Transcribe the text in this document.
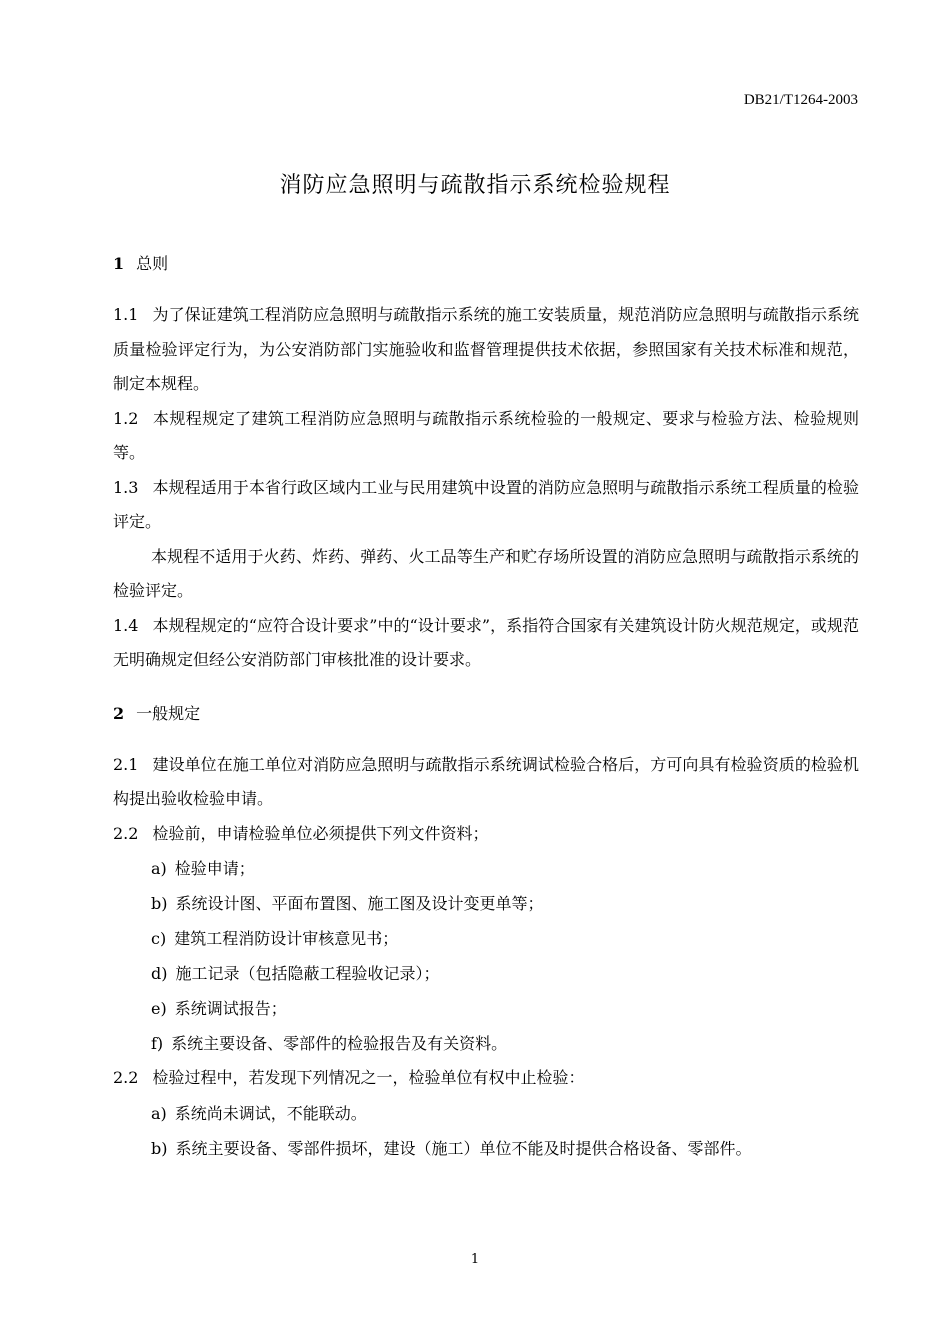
DB21/T1264-2003
消防应急照明与疏散指示系统检验规程
1 总则

1.1 为了保证建筑工程消防应急照明与疏散指示系统的施工安装质量，规范消防应急照明与疏散指示系统质量检验评定行为，为公安消防部门实施验收和监督管理提供技术依据，参照国家有关技术标准和规范，制定本规程。

1.2 本规程规定了建筑工程消防应急照明与疏散指示系统检验的一般规定、要求与检验方法、检验规则等。

1.3 本规程适用于本省行政区域内工业与民用建筑中设置的消防应急照明与疏散指示系统工程质量的检验评定。

本规程不适用于火药、炸药、弹药、火工品等生产和贮存场所设置的消防应急照明与疏散指示系统的检验评定。

1.4 本规程规定的“应符合设计要求”中的“设计要求”，系指符合国家有关建筑设计防火规范规定，或规范无明确规定但经公安消防部门审核批准的设计要求。

2 一般规定

2.1 建设单位在施工单位对消防应急照明与疏散指示系统调试检验合格后，方可向具有检验资质的检验机构提出验收检验申请。

2.2 检验前，申请检验单位必须提供下列文件资料；

a) 检验申请；

b) 系统设计图、平面布置图、施工图及设计变更单等；

c) 建筑工程消防设计审核意见书；

d) 施工记录（包括隐蔽工程验收记录）；

e) 系统调试报告；

f) 系统主要设备、零部件的检验报告及有关资料。

2.2 检验过程中，若发现下列情况之一，检验单位有权中止检验：

a) 系统尚未调试，不能联动。

b) 系统主要设备、零部件损坏，建设（施工）单位不能及时提供合格设备、零部件。

1
